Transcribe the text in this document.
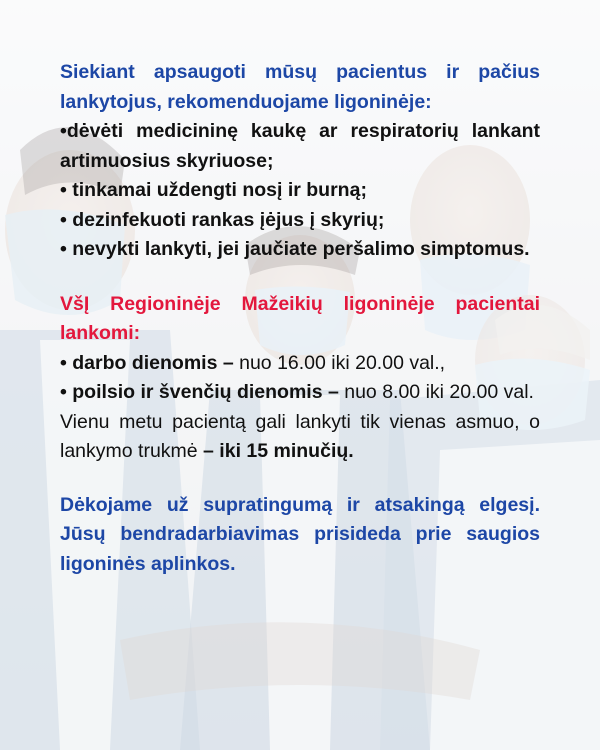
Siekiant apsaugoti mūsų pacientus ir pačius lankytojus, rekomenduojame ligoninėje:

•dėvėti medicininę kaukę ar respiratorių lankant artimuosius skyriuose;

• tinkamai uždengti nosį ir burną;

• dezinfekuoti rankas įėjus į skyrių;

• nevykti lankyti, jei jaučiate peršalimo simptomus.

VšĮ Regioninėje Mažeikių ligoninėje pacientai lankomi:

• darbo dienomis – nuo 16.00 iki 20.00 val.,

• poilsio ir švenčių dienomis – nuo 8.00 iki 20.00 val.

Vienu metu pacientą gali lankyti tik vienas asmuo, o lankymo trukmė – iki 15 minučių.

Dėkojame už supratingumą ir atsakingą elgesį. Jūsų bendradarbiavimas prisideda prie saugios ligoninės aplinkos.
